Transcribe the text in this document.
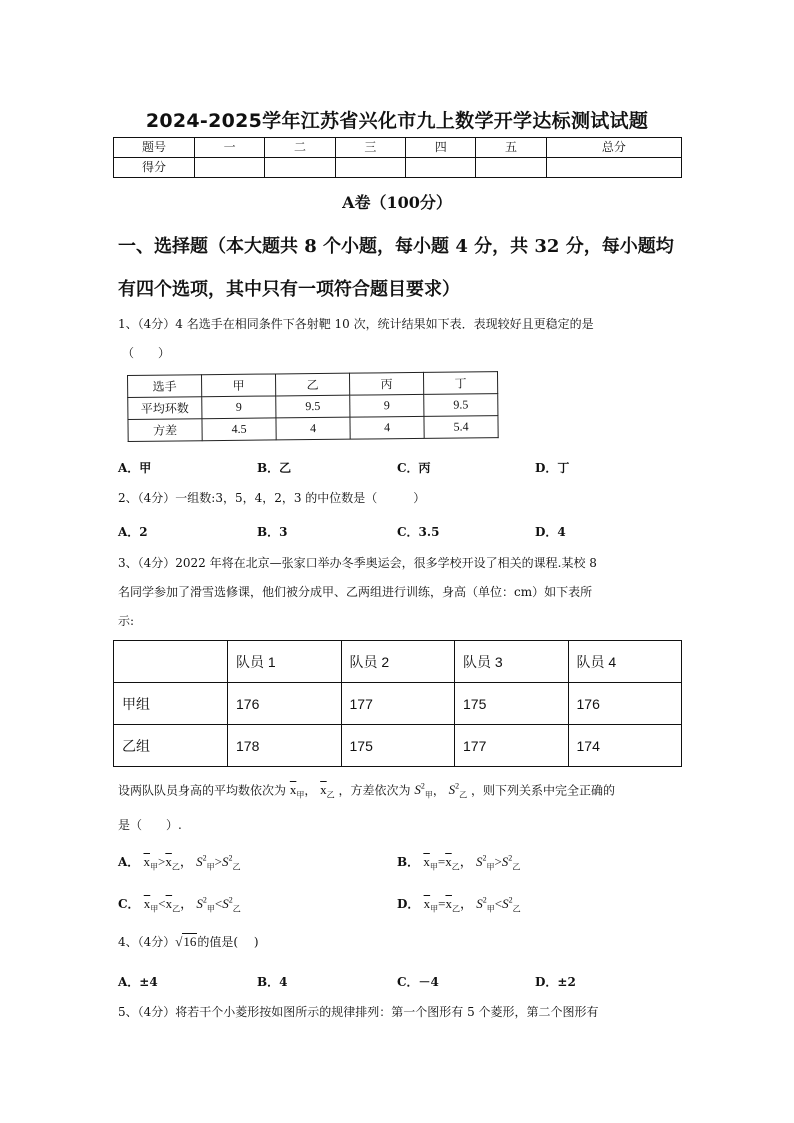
2024-2025学年江苏省兴化市九上数学开学达标测试试题
题号	一	二	三	四	五	总分
得分						
A卷（100分）
一、选择题（本大题共 8 个小题，每小题 4 分，共 32 分，每小题均
有四个选项，其中只有一项符合题目要求）
1、（4分）4 名选手在相同条件下各射靶 10 次，统计结果如下表．表现较好且更稳定的是
（　　）
选手	甲	乙	丙	丁
平均环数	9	9.5	9	9.5
方差	4.5	4	4	5.4
A．甲	B．乙	C．丙	D．丁
2、（4分）一组数:3，5，4，2，3 的中位数是（　　　）
A．2	B．3	C．3.5	D．4
3、（4分）2022 年将在北京—张家口举办冬季奥运会，很多学校开设了相关的课程.某校 8
名同学参加了滑雪选修课，他们被分成甲、乙两组进行训练，身高（单位：cm）如下表所
示:
	队员 1	队员 2	队员 3	队员 4
甲组	176	177	175	176
乙组	178	175	177	174
设两队队员身高的平均数依次为 $\overline{x}_甲$， $\overline{x}_乙$ ，方差依次为 $S^2_甲$， $S^2_乙$ ，则下列关系中完全正确的
是（　　）.
A． $\overline{x}_甲>\overline{x}_乙$， $S^2_甲>S^2_乙$	B． $\overline{x}_甲=\overline{x}_乙$， $S^2_甲>S^2_乙$
C． $\overline{x}_甲<\overline{x}_乙$， $S^2_甲<S^2_乙$	D． $\overline{x}_甲=\overline{x}_乙$， $S^2_甲<S^2_乙$
4、（4分）√16的值是(　 )
A．±4	B．4	C．－4	D．±2
5、（4分）将若干个小菱形按如图所示的规律排列：第一个图形有 5 个菱形，第二个图形有
